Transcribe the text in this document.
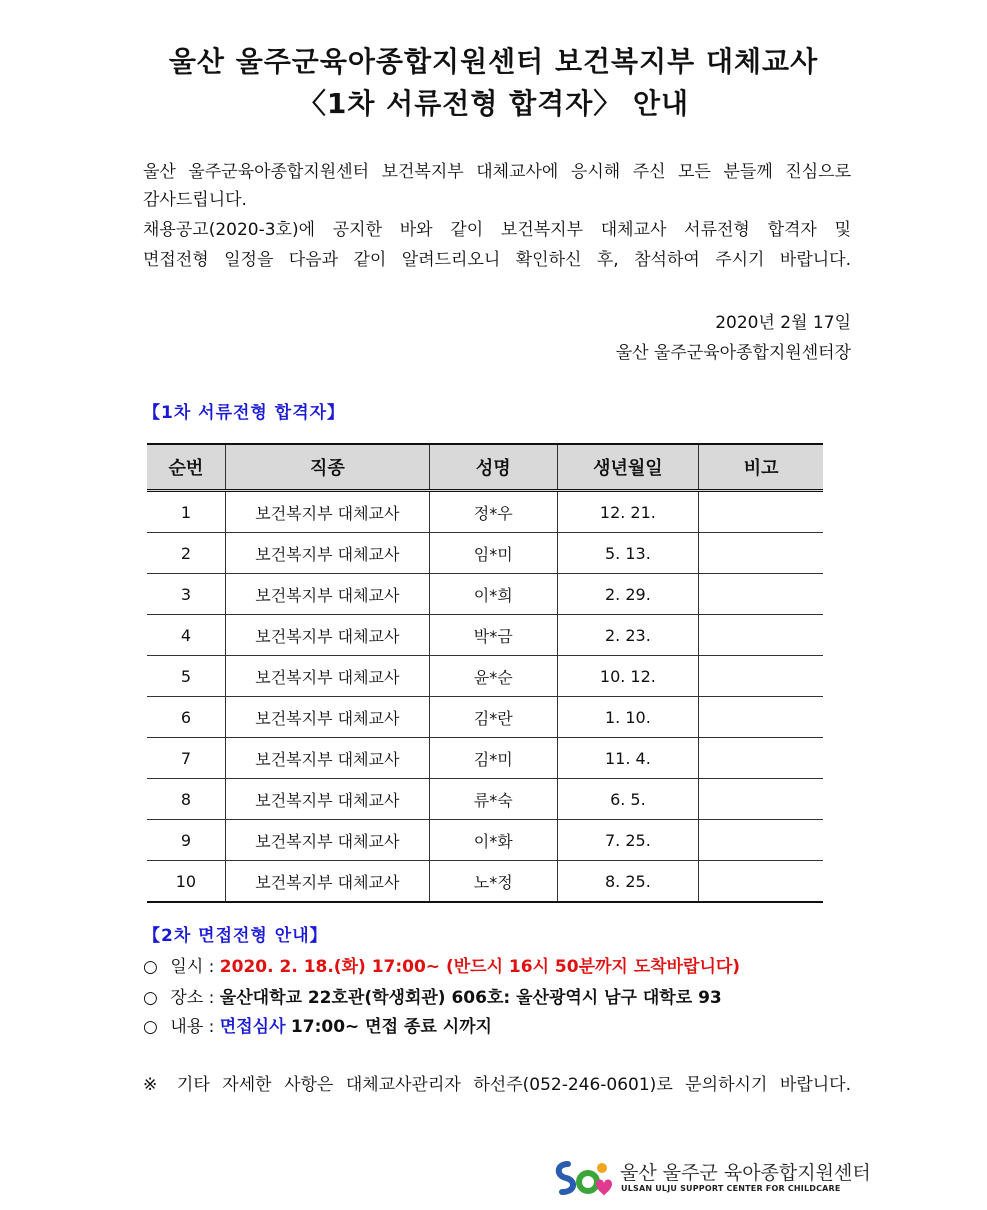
울산 울주군육아종합지원센터 보건복지부 대체교사
〈1차 서류전형 합격자〉 안내

울산 울주군육아종합지원센터 보건복지부 대체교사에 응시해 주신 모든 분들께 진심으로

감사드립니다.

채용공고(2020-3호)에 공지한 바와 같이 보건복지부 대체교사 서류전형 합격자 및

면접전형 일정을 다음과 같이 알려드리오니 확인하신 후, 참석하여 주시기 바랍니다.

2020년 2월 17일
울산 울주군육아종합지원센터장
【1차 서류전형 합격자】
순번	직종	성명	생년월일	비고
1	보건복지부 대체교사	정*우	12. 21.	
2	보건복지부 대체교사	임*미	5. 13.	
3	보건복지부 대체교사	이*희	2. 29.	
4	보건복지부 대체교사	박*금	2. 23.	
5	보건복지부 대체교사	윤*순	10. 12.	
6	보건복지부 대체교사	김*란	1. 10.	
7	보건복지부 대체교사	김*미	11. 4.	
8	보건복지부 대체교사	류*숙	6. 5.	
9	보건복지부 대체교사	이*화	7. 25.	
10	보건복지부 대체교사	노*정	8. 25.	
【2차 면접전형 안내】
○ 일시 : 2020. 2. 18.(화) 17:00~ (반드시 16시 50분까지 도착바랍니다)
○ 장소 : 울산대학교 22호관(학생회관) 606호: 울산광역시 남구 대학로 93
○ 내용 : 면접심사 17:00~ 면접 종료 시까지
※ 기타 자세한 사항은 대체교사관리자 하선주(052-246-0601)로 문의하시기 바랍니다.
울산 울주군 육아종합지원센터
ULSAN ULJU SUPPORT CENTER FOR CHILDCARE
